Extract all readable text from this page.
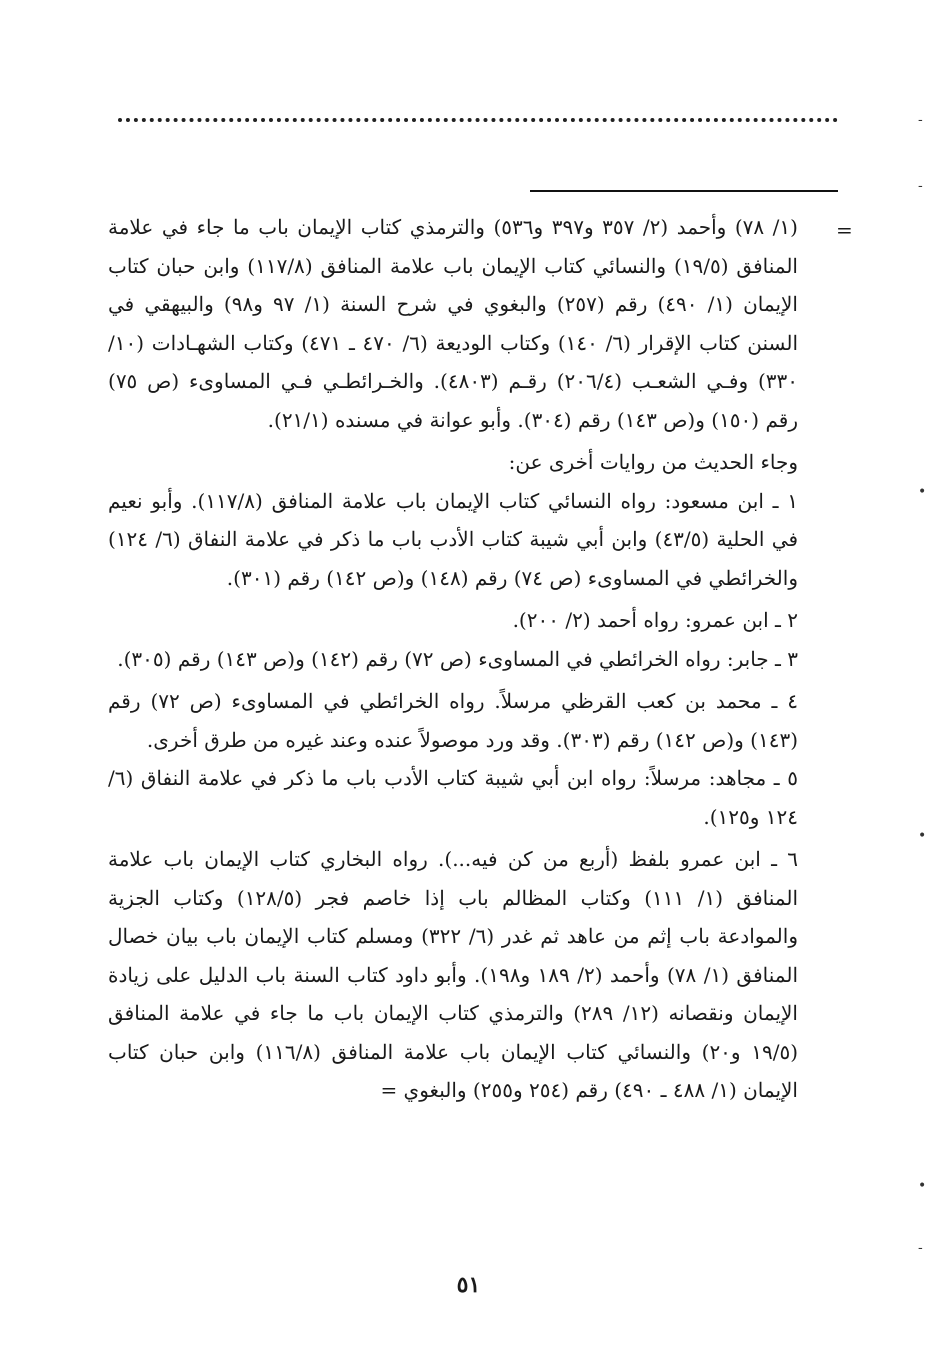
=
-
-
•
•
•
-

(١/ ٧٨) وأحمد (٢/ ٣٥٧ و٣٩٧ و٥٣٦) والترمذي كتاب الإيمان باب ما جاء في علامة المنافق (١٩/٥) والنسائي كتاب الإيمان باب علامة المنافق (١١٧/٨) وابن حبان كتاب الإيمان (١/ ٤٩٠) رقم (٢٥٧) والبغوي في شرح السنة (١/ ٩٧ و٩٨) والبيهقي في السنن كتاب الإقرار (٦/ ١٤٠) وكتاب الوديعة (٦/ ٤٧٠ ـ ٤٧١) وكتاب الشهـادات (١٠/ ٣٣٠) وفـي الشعـب (٢٠٦/٤) رقـم (٤٨٠٣). والخـرائطـي فـي المساوىء (ص ٧٥) رقم (١٥٠) و(ص ١٤٣) رقم (٣٠٤). وأبو عوانة في مسنده (٢١/١).

وجاء الحديث من روايات أخرى عن:

١ ـ ابن مسعود: رواه النسائي كتاب الإيمان باب علامة المنافق (١١٧/٨). وأبو نعيم في الحلية (٤٣/٥) وابن أبي شيبة كتاب الأدب باب ما ذكر في علامة النفاق (٦/ ١٢٤) والخرائطي في المساوىء (ص ٧٤) رقم (١٤٨) و(ص ١٤٢) رقم (٣٠١).

٢ ـ ابن عمرو: رواه أحمد (٢/ ٢٠٠).

٣ ـ جابر: رواه الخرائطي في المساوىء (ص ٧٢) رقم (١٤٢) و(ص ١٤٣) رقم (٣٠٥).

٤ ـ محمد بن كعب القرظي مرسلاً. رواه الخرائطي في المساوىء (ص ٧٢) رقم (١٤٣) و(ص ١٤٢) رقم (٣٠٣). وقد ورد موصولاً عنده وعند غيره من طرق أخرى.

٥ ـ مجاهد: مرسلاً: رواه ابن أبي شيبة كتاب الأدب باب ما ذكر في علامة النفاق (٦/ ١٢٤ و١٢٥).

٦ ـ ابن عمرو بلفظ (أربع من كن فيه...). رواه البخاري كتاب الإيمان باب علامة المنافق (١/ ١١١) وكتاب المظالم باب إذا خاصم فجر (١٢٨/٥) وكتاب الجزية والموادعة باب إثم من عاهد ثم غدر (٦/ ٣٢٢) ومسلم كتاب الإيمان باب بيان خصال المنافق (١/ ٧٨) وأحمد (٢/ ١٨٩ و١٩٨). وأبو داود كتاب السنة باب الدليل على زيادة الإيمان ونقصانه (١٢/ ٢٨٩) والترمذي كتاب الإيمان باب ما جاء في علامة المنافق (١٩/٥ و٢٠) والنسائي كتاب الإيمان باب علامة المنافق (١١٦/٨) وابن حبان كتاب الإيمان (١/ ٤٨٨ ـ ٤٩٠) رقم (٢٥٤ و٢٥٥) والبغوي =

٥١
